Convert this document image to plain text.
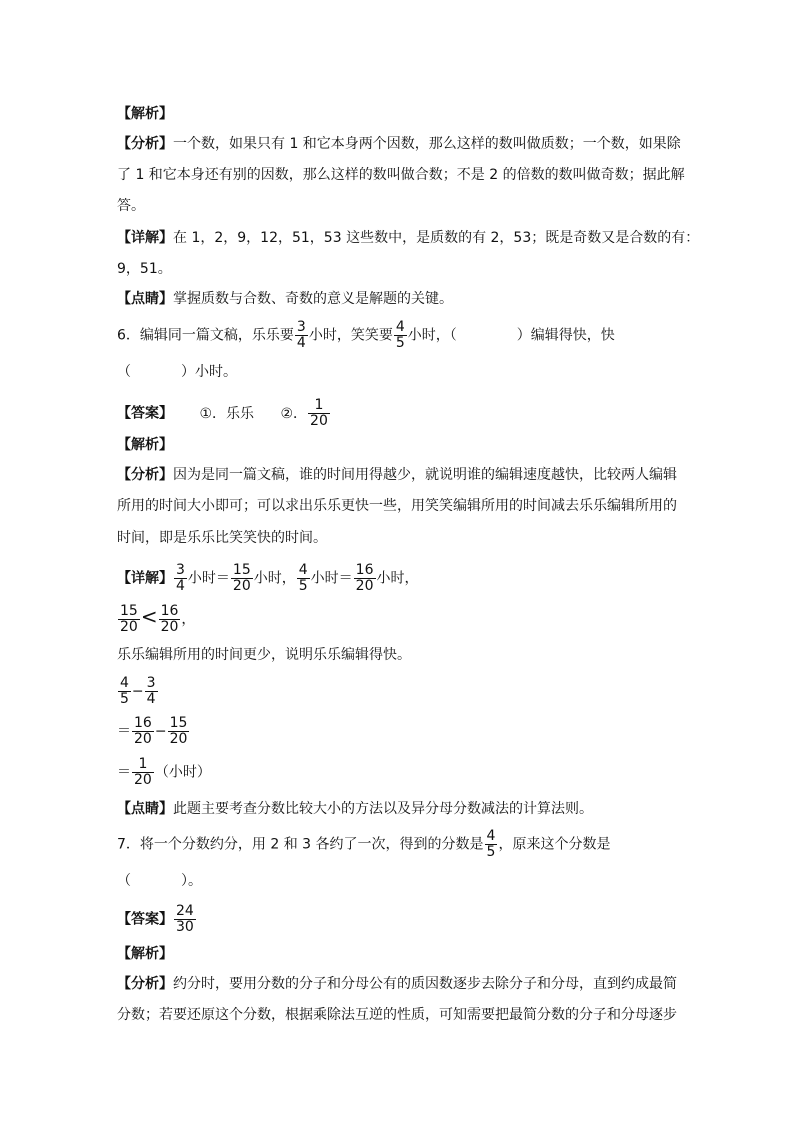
【解析】
【分析】一个数，如果只有 1 和它本身两个因数，那么这样的数叫做质数；一个数，如果除
了 1 和它本身还有别的因数，那么这样的数叫做合数；不是 2 的倍数的数叫做奇数；据此解
答。
【详解】在 1，2，9，12，51，53 这些数中，是质数的有 2，53；既是奇数又是合数的有：
9，51。
【点睛】掌握质数与合数、奇数的意义是解题的关键。
6．编辑同一篇文稿，乐乐要 $\frac{3}{4}$ 小时，笑笑要 $\frac{4}{5}$ 小时，（	）编辑得快，快
（	）小时。
【答案】 ①．乐乐 ②． $\frac{1}{20}$
【解析】
【分析】因为是同一篇文稿，谁的时间用得越少，就说明谁的编辑速度越快，比较两人编辑
所用的时间大小即可；可以求出乐乐更快一些，用笑笑编辑所用的时间减去乐乐编辑所用的
时间，即是乐乐比笑笑快的时间。
【详解】 $\frac{3}{4}$ 小时＝ $\frac{15}{20}$ 小时， $\frac{4}{5}$ 小时＝ $\frac{16}{20}$ 小时，
$\frac{15}{20} < \frac{16}{20}$ ，
乐乐编辑所用的时间更少，说明乐乐编辑得快。
$\frac{4}{5} - \frac{3}{4}$
＝ $\frac{16}{20} - \frac{15}{20}$
＝ $\frac{1}{20}$ （小时）
【点睛】此题主要考查分数比较大小的方法以及异分母分数减法的计算法则。
7．将一个分数约分，用 2 和 3 各约了一次，得到的分数是 $\frac{4}{5}$ ，原来这个分数是
（	）。
【答案】 $\frac{24}{30}$
【解析】
【分析】约分时，要用分数的分子和分母公有的质因数逐步去除分子和分母，直到约成最简
分数；若要还原这个分数，根据乘除法互逆的性质，可知需要把最简分数的分子和分母逐步
